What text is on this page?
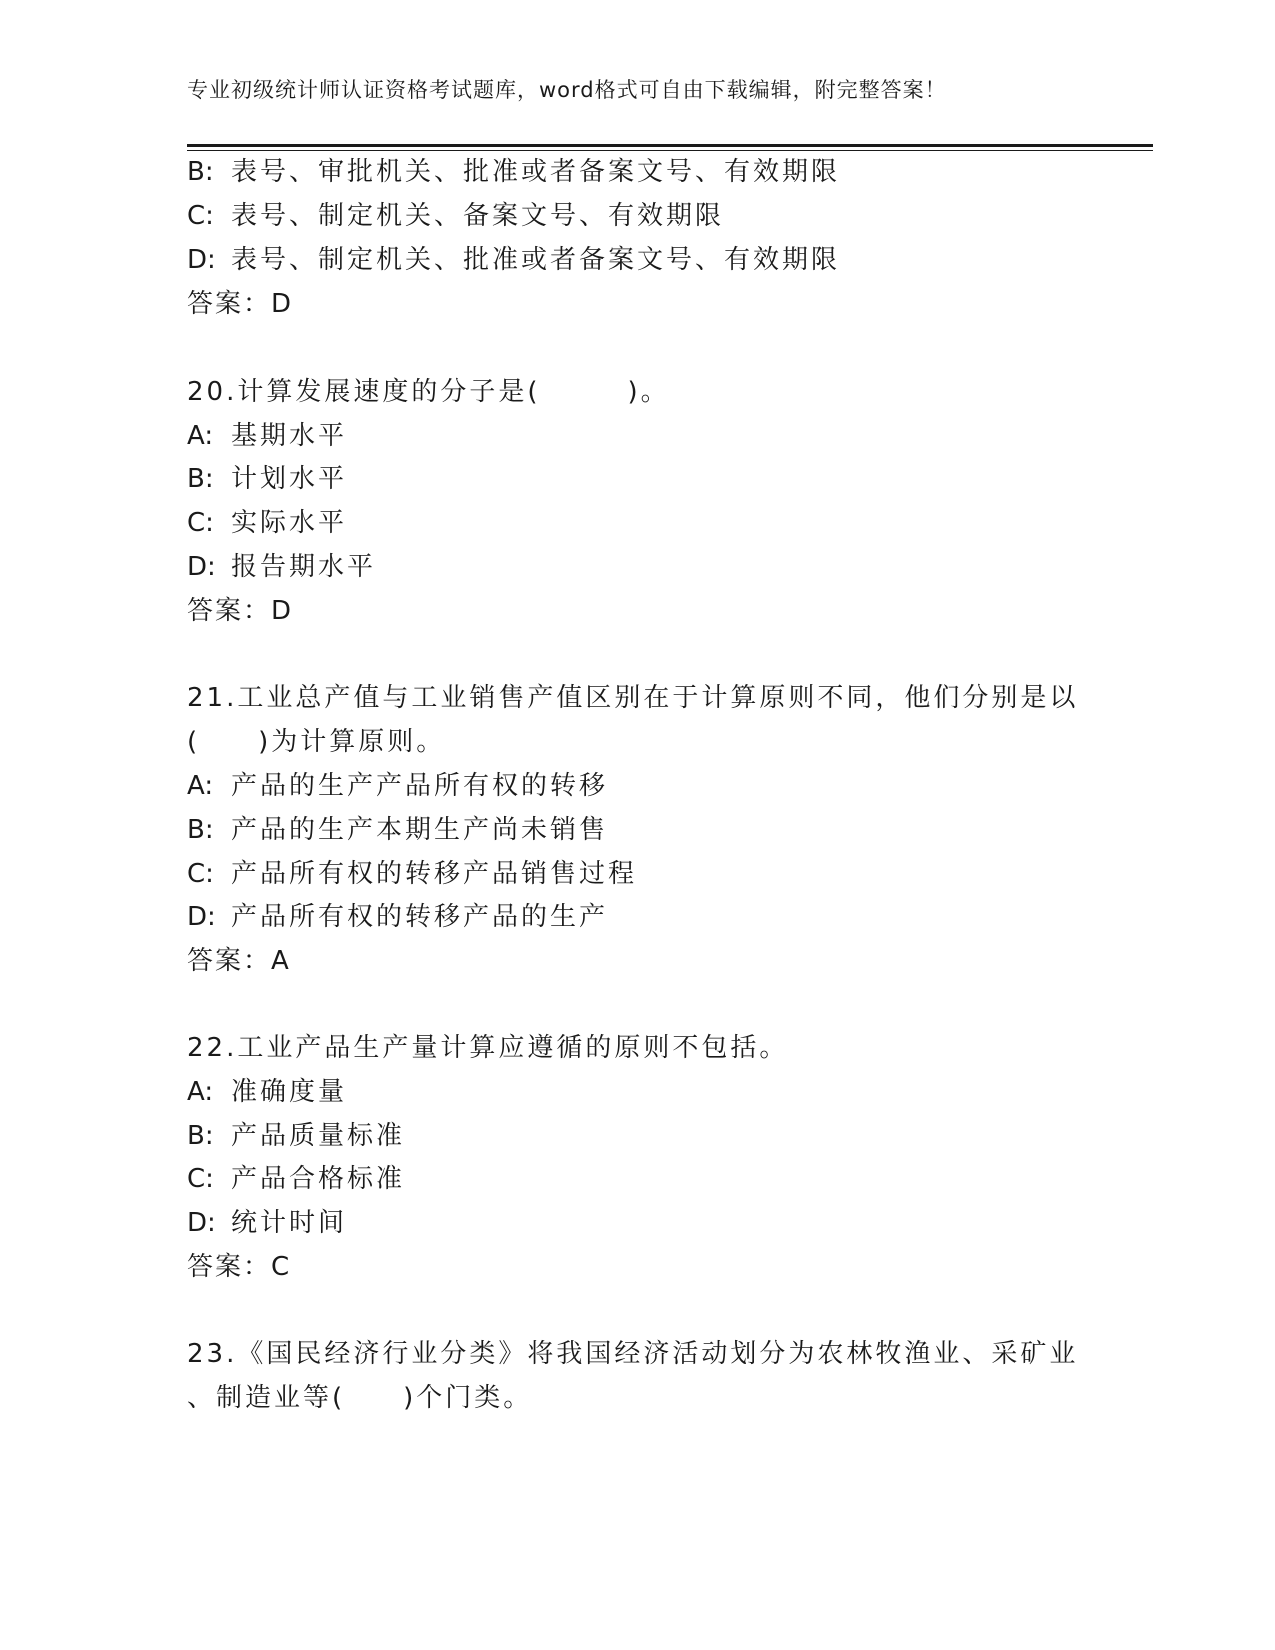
专业初级统计师认证资格考试题库，word格式可自由下载编辑，附完整答案！
B: 表号、审批机关、批准或者备案文号、有效期限
C: 表号、制定机关、备案文号、有效期限
D: 表号、制定机关、批准或者备案文号、有效期限
答案：D
20.计算发展速度的分子是(　　　)。
A: 基期水平
B: 计划水平
C: 实际水平
D: 报告期水平
答案：D
21.工业总产值与工业销售产值区别在于计算原则不同，他们分别是以
(　　)为计算原则。
A: 产品的生产产品所有权的转移
B: 产品的生产本期生产尚未销售
C: 产品所有权的转移产品销售过程
D: 产品所有权的转移产品的生产
答案：A
22.工业产品生产量计算应遵循的原则不包括。
A: 准确度量
B: 产品质量标准
C: 产品合格标准
D: 统计时间
答案：C
23.《国民经济行业分类》将我国经济活动划分为农林牧渔业、采矿业
、制造业等(　　)个门类。
